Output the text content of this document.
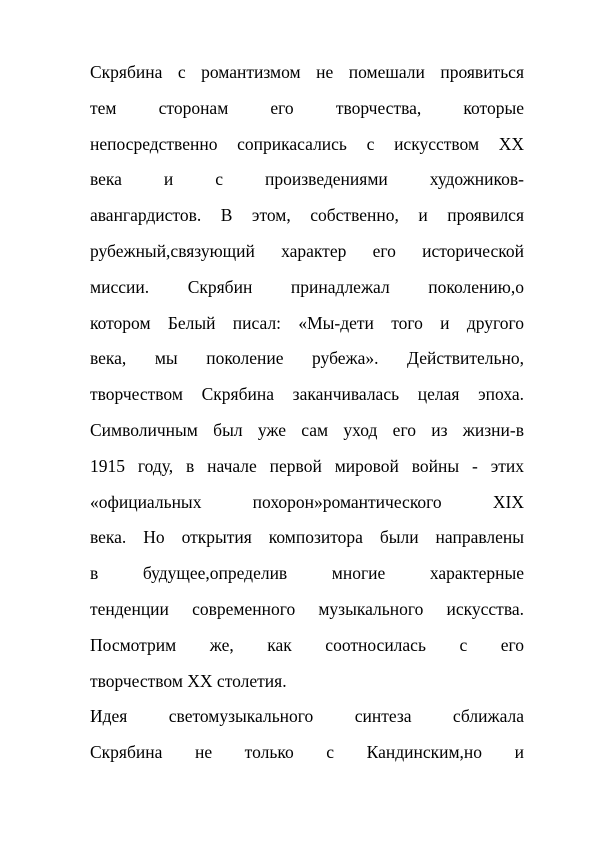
Скрябина с романтизмом не помешали проявиться
тем сторонам его творчества, которые
непосредственно соприкасались с искусством XX
века и с произведениями художников-
авангардистов. В этом, собственно, и проявился
рубежный,связующий характер его исторической
миссии. Скрябин принадлежал поколению,о
котором Белый писал: «Мы-дети того и другого
века, мы поколение рубежа». Действительно,
творчеством Скрябина заканчивалась целая эпоха.
Символичным был уже сам уход его из жизни-в
1915 году, в начале первой мировой войны - этих
«официальных похорон»романтического XIX
века. Но открытия композитора были направлены
в будущее,определив многие характерные
тенденции современного музыкального искусства.
Посмотрим же, как соотносилась с его
творчеством XX столетия.
Идея светомузыкального синтеза сближала
Скрябина не только с Кандинским,но и
